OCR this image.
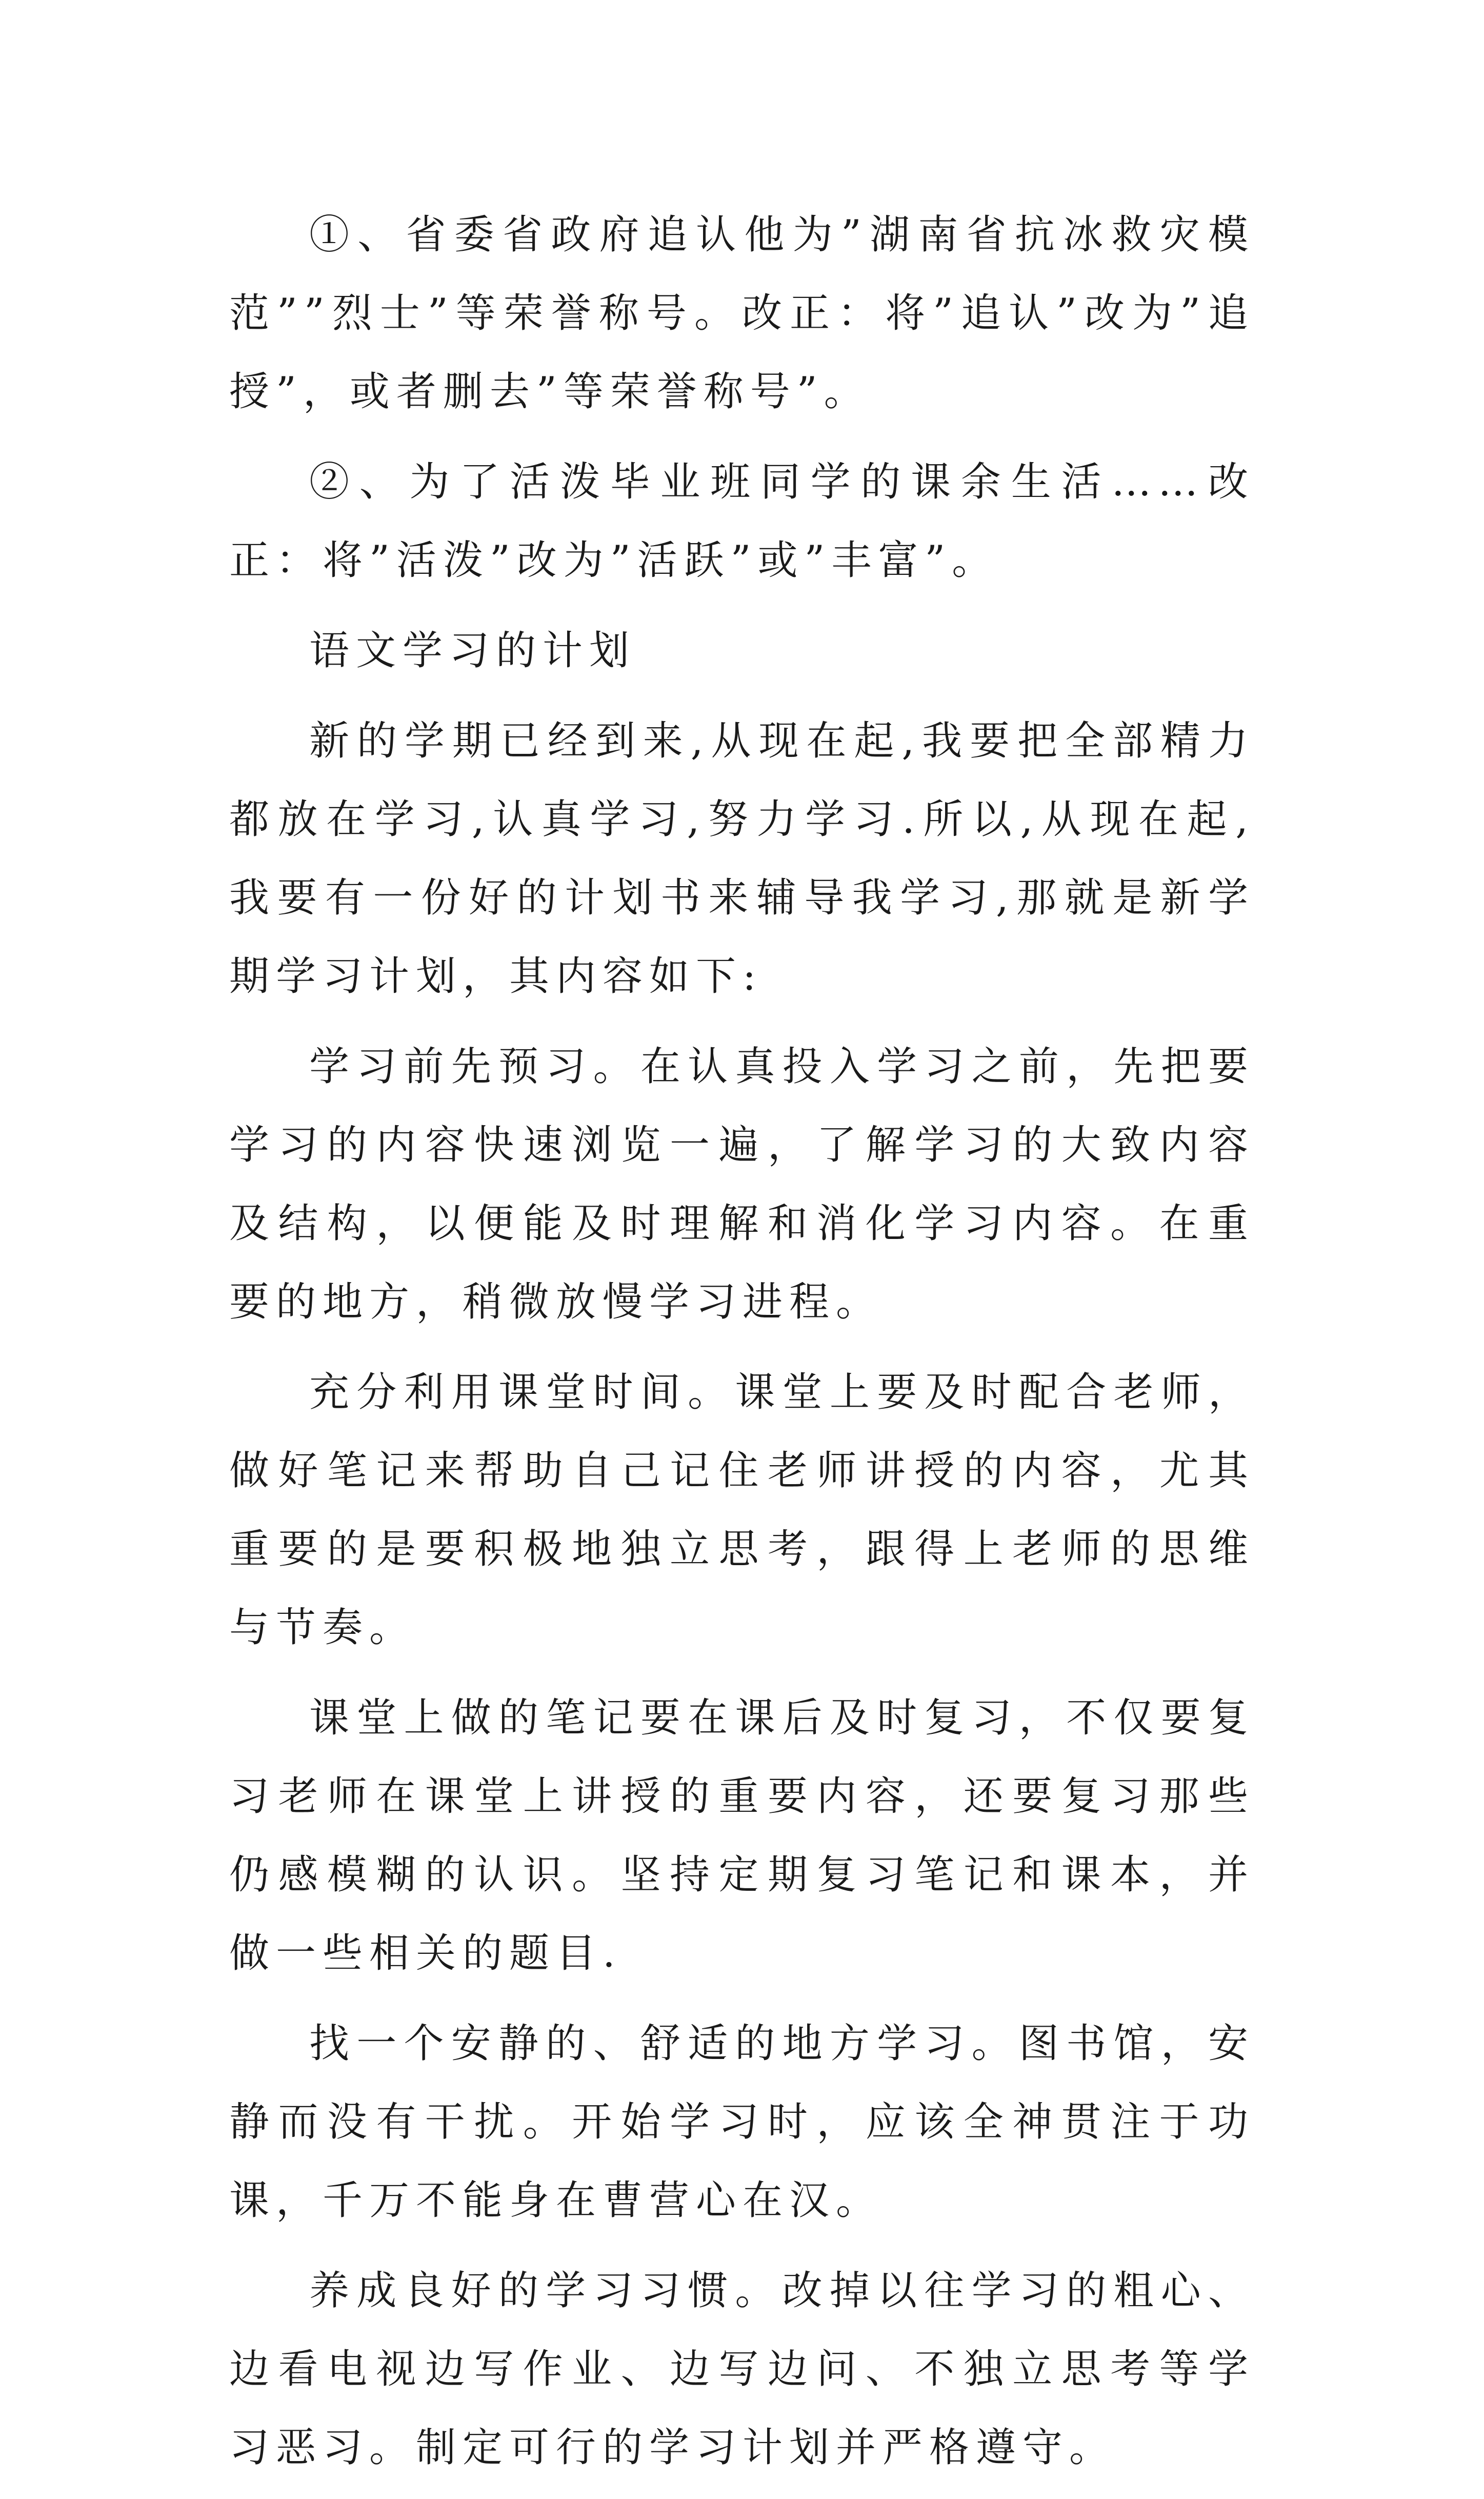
①、省委省政府追认他为”湖南省抗冰救灾模范””烈士”等荣誉称号。改正：将”追认”改为”追授”，或者删去”等荣誉称号”。

②、为了活泼毕业班同学的课余生活……改正：将”活泼”改为”活跃”或”丰富”。

语文学习的计划

新的学期已经到来,从现在起,我要把全部精力都放在学习,认真学习,努力学习.所以,从现在起,我要有一份好的计划书来辅导我学习,那就是新学期学习计划，其内容如下:

学习前先预习。在认真投入学习之前，先把要学习的内容快速浏览一遍，了解学习的大致内容及结构，以便能及时理解和消化学习内容。在重要的地方，稍微放慢学习进程。

充分利用课堂时间。课堂上要及时配合老师，做好笔记来帮助自己记住老师讲授的内容，尤其重要的是要积极地独立思考，跟得上老师的思维与节奏。

课堂上做的笔记要在课后及时复习，不仅要复习老师在课堂上讲授的重要内容，还要复习那些仍感模糊的认识。坚持定期复习笔记和课本，并做一些相关的题目.

找一个安静的、舒适的地方学习。图书馆，安静而没有干扰。开始学习时，应该全神贯注于功课，千万不能身在曹营心在汉。

养成良好的学习习惯。改掉以往学习的粗心、边看电视边写作业、边写边问、不独立思考等学习恶习。制定可行的学习计划并严格遵守。
